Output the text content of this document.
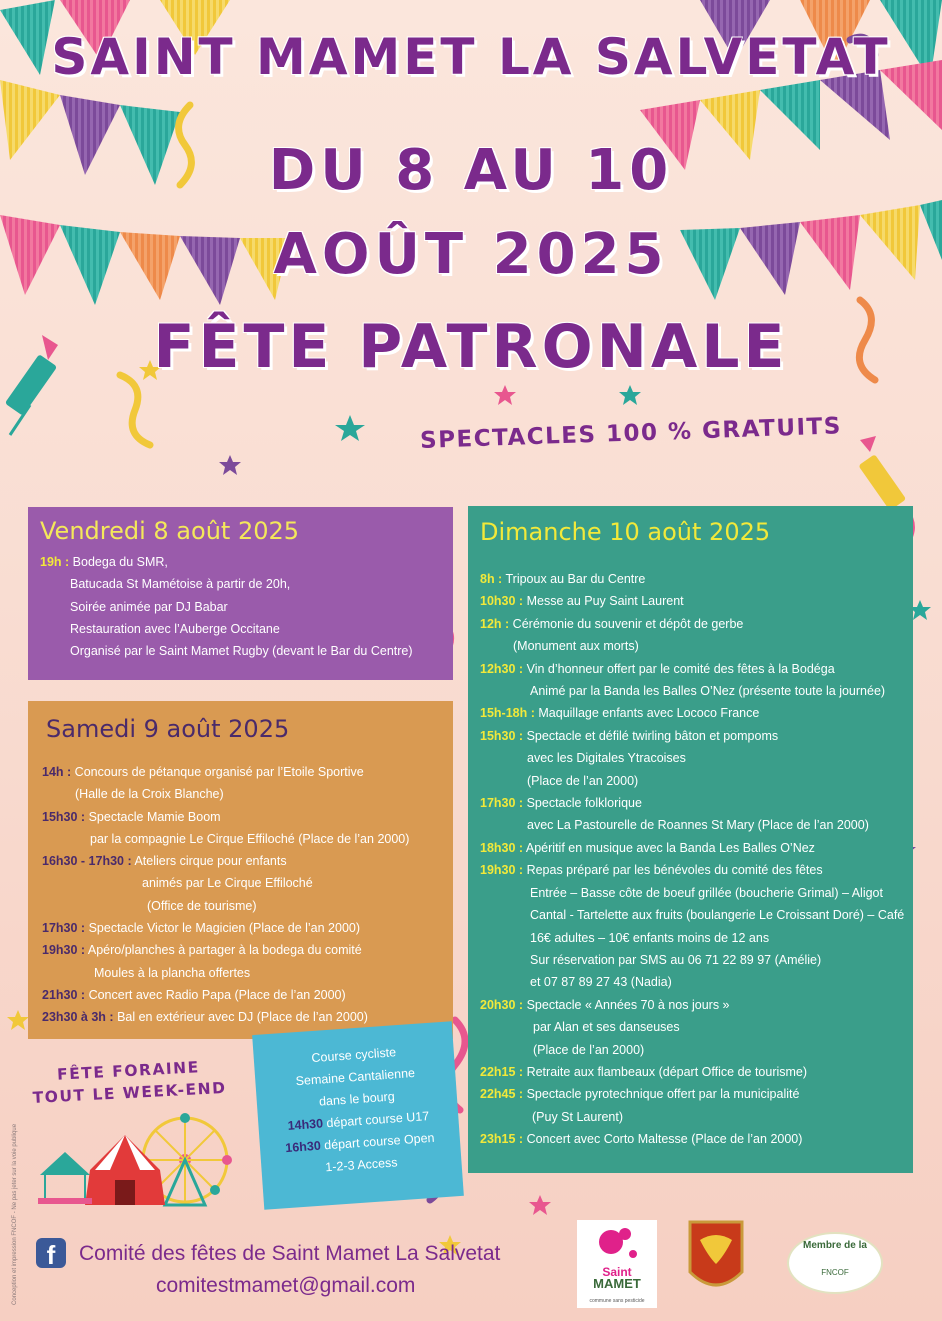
SAINT MAMET LA SALVETAT
DU 8 AU 10
AOÛT 2025
FÊTE PATRONALE
SPECTACLES 100 % GRATUITS
Vendredi 8 août 2025
19h : Bodega du SMR,
Batucada St Mamétoise à partir de 20h,
Soirée animée par DJ Babar
Restauration avec l’Auberge Occitane
Organisé par le Saint Mamet Rugby (devant le Bar du Centre)
Samedi 9 août 2025
14h : Concours de pétanque organisé par l’Etoile Sportive
(Halle de la Croix Blanche)
15h30 : Spectacle Mamie Boom
par la compagnie Le Cirque Effiloché (Place de l’an 2000)
16h30 - 17h30 : Ateliers cirque pour enfants
animés par Le Cirque Effiloché
(Office de tourisme)
17h30 : Spectacle Victor le Magicien (Place de l’an 2000)
19h30 : Apéro/planches à partager à la bodega du comité
Moules à la plancha offertes
21h30 : Concert avec Radio Papa (Place de l’an 2000)
23h30 à 3h : Bal en extérieur avec DJ (Place de l’an 2000)
Dimanche 10 août 2025
8h : Tripoux au Bar du Centre
10h30 : Messe au Puy Saint Laurent
12h : Cérémonie du souvenir et dépôt de gerbe
(Monument aux morts)
12h30 : Vin d’honneur offert par le comité des fêtes à la Bodéga
Animé par la Banda les Balles O’Nez (présente toute la journée)
15h-18h : Maquillage enfants avec Lococo France
15h30 : Spectacle et défilé twirling bâton et pompoms
avec les Digitales Ytracoises
(Place de l’an 2000)
17h30 : Spectacle folklorique
avec La Pastourelle de Roannes St Mary (Place de l’an 2000)
18h30 : Apéritif en musique avec la Banda Les Balles O’Nez
19h30 : Repas préparé par les bénévoles du comité des fêtes
Entrée – Basse côte de boeuf grillée (boucherie Grimal) – Aligot
Cantal - Tartelette aux fruits (boulangerie Le Croissant Doré) – Café
16€ adultes – 10€ enfants moins de 12 ans
Sur réservation par SMS au 06 71 22 89 97 (Amélie)
et 07 87 89 27 43 (Nadia)
20h30 : Spectacle « Années 70 à nos jours »
par Alan et ses danseuses
(Place de l’an 2000)
22h15 : Retraite aux flambeaux (départ Office de tourisme)
22h45 : Spectacle pyrotechnique offert par la municipalité
(Puy St Laurent)
23h15 : Concert avec Corto Maltesse (Place de l’an 2000)
Course cycliste
Semaine Cantalienne
dans le bourg
14h30 départ course U17
16h30 départ course Open
1-2-3 Access
FÊTE FORAINE
TOUT LE WEEK-END
f	Comité des fêtes de Saint Mamet La Salvetat
comitestmamet@gmail.com
Conception et impression FNCOF - Ne pas jeter sur la voie publique	Saint
MAMET
commune sans pesticide
Membre de la
FNCOF
